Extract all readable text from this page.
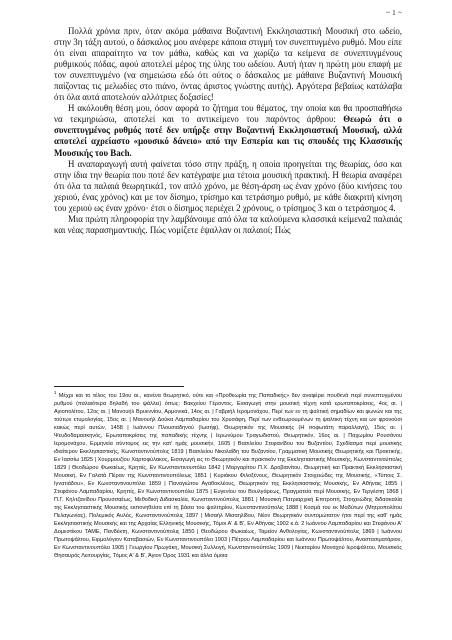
~ 1 ~

Πολλά χρόνια πριν, όταν ακόμα μάθαινα Βυζαντινή Εκκλησιαστική Μουσική στο ωδείο, στην 3η τάξη αυτού, ο δάσκαλος μου ανέφερε κάποια στιγμή τον συνεπτυγμένο ρυθμό. Μου είπε ότι είναι απαραίτητο να τον μάθω, καθώς και να χωρίζω τα κείμενα σε συνεπτυγμένους ρυθμικούς πόδας, αφού αποτελεί μέρος της ύλης του ωδείου. Αυτή ήταν η πρώτη μου επαφή με τον συνεπτυγμένο (να σημειώσω εδώ ότι ούτος ο δάσκαλος με μάθαινε Βυζαντινή Μουσική παίζοντας τις μελωδίες στο πιάνο, όντας άριστος γνώστης αυτής). Αργότερα βεβαίως κατάλαβα ότι όλα αυτά αποτελούν αλλότριες δοξασίες!

Η ακόλουθη θέση μου, όσον αφορά το ζήτημα του θέματος, την οποία και θα προσπαθήσω να τεκμηριώσω, αποτελεί και το αντικείμενο του παρόντος άρθρου: Θεωρώ ότι ο συνεπτυγμένος ρυθμός ποτέ δεν υπήρξε στην Βυζαντινή Εκκλησιαστική Μουσική, αλλά αποτελεί αχρείαστο «μουσικό δάνειο» από την Εσπερία και τις σπουδές της Κλασσικής Μουσικής του Bach.

Η αναπαραγωγή αυτή φαίνεται τόσο στην πράξη, η οποία προηγείται της θεωρίας, όσο και στην ίδια την θεωρία που ποτέ δεν κατέγραψε μια τέτοια μουσική πρακτική. Η θεωρία αναφέρει ότι όλα τα παλαιά θεωρητικά1, τον απλό χρόνο, με θέση-άρση ως έναν χρόνο (δύο κινήσεις του χεριού, ένας χρόνος) και με τον δίσημο, τρίσημο και τετράσημο ρυθμό, με κάθε διακριτή κίνηση του χεριού ως έναν χρόνο· έτσι ο δίσημος περιέχει 2 χρόνους, ο τρίσημος 3 και ο τετράσημος 4.

Μια πρώτη πληροφορία την λαμβάνουμε από όλα τα καλούμενα κλασσικά κείμενα2 παλαιάς και νέας παρασημαντικής. Πώς νομίζετε έψαλλαν οι παλαιοί; Πώς

$^1$ Μέχρι και το τέλος του 19ου αι., κανένα θεωρητικό, ούτε και «Προθεωρία της Παπαδικής» δεν αναφέρει πουθενά περί συνεπτυγμένου ρυθμού (παλαιότερα δηλαδή του ψάλλει) όπως: Βακχείου Γέροντος, Εισαγωγή στην μουσική τέχνη κατά ερωταποκρίσεις, 4ος αι. | Αγιοπολίτου, 12ος αι. | Μανουήλ Βρυεννίου, Αρμονικά, 14ος αι. | Γαβριήλ Ιερομονάχου, Περί των εν τη ψαλτική σημαδίων και φωνών και της τούτων ετυμολογίας, 15ος αι. | Μανουήλ Δούκα Λαμπαδαρίου του Χρυσάφη, Περί των ενθεωρουμένων τη ψαλτική τέχνη και ων φρονούσι κακώς περί αυτών, 1458 | Ιωάννου Πλουσιαδηνού (Ιωσήφ), Θεωρητικόν της Μουσικής (Η σοφωτάτη παραλλαγή), 15ος αι. | Ψευδοδαμασκηνός, Ερωταποκρίσεις της παπαδικής τέχνης | Ιερωνύμου Τραγωδιστού, Θεωρητικόν, 16ος αι. | Παχωμίου Ρουσάνου Ιερομονάχου, Ερμηνεία σύντομος εις την κατ' ημάς μουσικήν, 1605 | Βασιλείου Στεφανίδου του Βυζαντίου, Σχεδίασμα περί μουσικής ιδιαίτερον Εκκλησιαστικής, Κωνσταντινούπολις 1819 | Βασιλείου Νικολαΐδη του Βυζαντίου, Γραμματική Μουσικής Θεωρητικής και Πρακτικής, Εν Ιασσίω 1825 | Χουρμουζίου Χαρτοφύλακος, Εισαγωγή εις το Θεωρητικόν και πρακτικόν της Εκκλησιαστικής Μουσικής, Κωνσταντινούπολις 1829 | Θεοδώρου Φωκαέως, Κρηπίς, Εν Κωνσταντινουπόλει 1842 | Μαργαρίτου Π.Χ. Δροβιανίτου, Θεωρητική και Πρακτική Εκκλησιαστική Μουσική, Εν Γαλατά Πέραν της Κωνσταντινουπόλεως 1851 | Κυριάκου Φιλοξένους, Θεωρητικόν Στοιχειώδες της Μουσικής, «Τύποις Σ. Ιγνατιάδου», Εν Κωνσταντινουπόλει 1859 | Παναγιώτου Αγαθοκλέους, Θεωρητικόν της Εκκλησιαστικής Μουσικής, Εν Αθήναις 1855 | Στεφάνου Λαμπαδαρίου, Κρηπίς, Εν Κωνσταντινουπόλει 1875 | Ευγενίου του Βουλγάρεως, Πραγματεία περί Μουσικής, Εν Τεργέστη 1868 | Π.Γ. Κηλτζανίδου Προυσσαέως, Μεθοδική Διδασκαλία, Κωνσταντινούπολις 1881 | Μουσική Πατριαρχική Επιτροπή, Στοιχειώδης διδασκαλία της Εκκλησιαστικής Μουσικής εκπονηθείσα επί τη βάσει του ψαλτηρίου, Κωνσταντινούπολις 1888 | Κοσμά του εκ Μαδύτων (Μητροπολίτου Πελαγωνίας), Πολεμικός Αυλός, Κωνσταντινούπολις 1897 | Μισαήλ Μισαηλίδου, Νέον Θεωρητικόν συντομώτατον ήτοι περί της καθ' ημάς Εκκλησιαστικής Μουσικής και της Αρχαίας Ελληνικής Μουσικής, Τόμοι Α' & Β', Εν Αθήναις 1902 κ.ά. 2 Ιωάννου Λαμπαδαρίου και Στεφάνου Α' Δομεστίκου ΤΑΜΕ, Πανδέκτη, Κωνσταντινούπολις 1850 | Θεοδώρου Φωκαέως, Ταμείον Ανθολογίας, Κωνσταντινούπολις 1869 | Ιωάννου Πρωτοψάλτου, Ειρμολόγιον Καταβασιών, Εν Κωνσταντινουπόλει 1903 | Πέτρου Λαμπαδαρίου και Ιωάννου Πρωτοψάλτου, Αναστασιματάριον, Εν Κωνσταντινουπόλει 1905 | Γεωργίου Πρωγάκη, Μουσική Συλλογή, Κωνσταντινούπολις 1909 | Νεκταρίου Μοναχού Ιεροψάλτου, Μουσικός Θησαυρός Λειτουργίας, Τόμος Α' & Β', Άγιον Όρος 1931 και άλλα όμοια
